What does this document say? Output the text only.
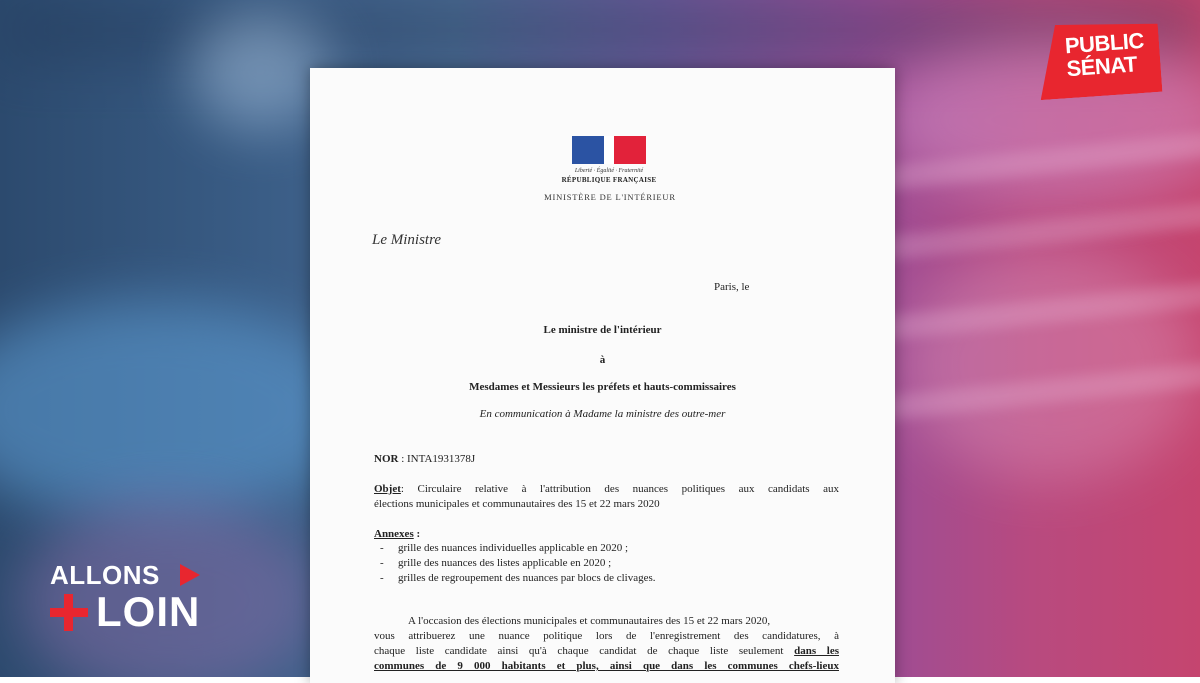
Liberté · Égalité · Fraternité
RÉPUBLIQUE FRANÇAISE
MINISTÈRE DE L'INTÉRIEUR
Le Ministre
Paris, le
Le ministre de l'intérieur
à
Mesdames et Messieurs les préfets et hauts-commissaires
En communication à Madame la ministre des outre-mer
NOR : INTA1931378J
Objet: Circulaire relative à l'attribution des nuances politiques aux candidats aux
élections municipales et communautaires des 15 et 22 mars 2020
Annexes :
- grille des nuances individuelles applicable en 2020 ;
- grille des nuances des listes applicable en 2020 ;
- grilles de regroupement des nuances par blocs de clivages.
A l'occasion des élections municipales et communautaires des 15 et 22 mars 2020,
vous attribuerez une nuance politique lors de l'enregistrement des candidatures, à
chaque liste candidate ainsi qu'à chaque candidat de chaque liste seulement dans les
communes de 9 000 habitants et plus, ainsi que dans les communes chefs-lieux
PUBLIC
SÉNAT
ALLONS
LOIN
